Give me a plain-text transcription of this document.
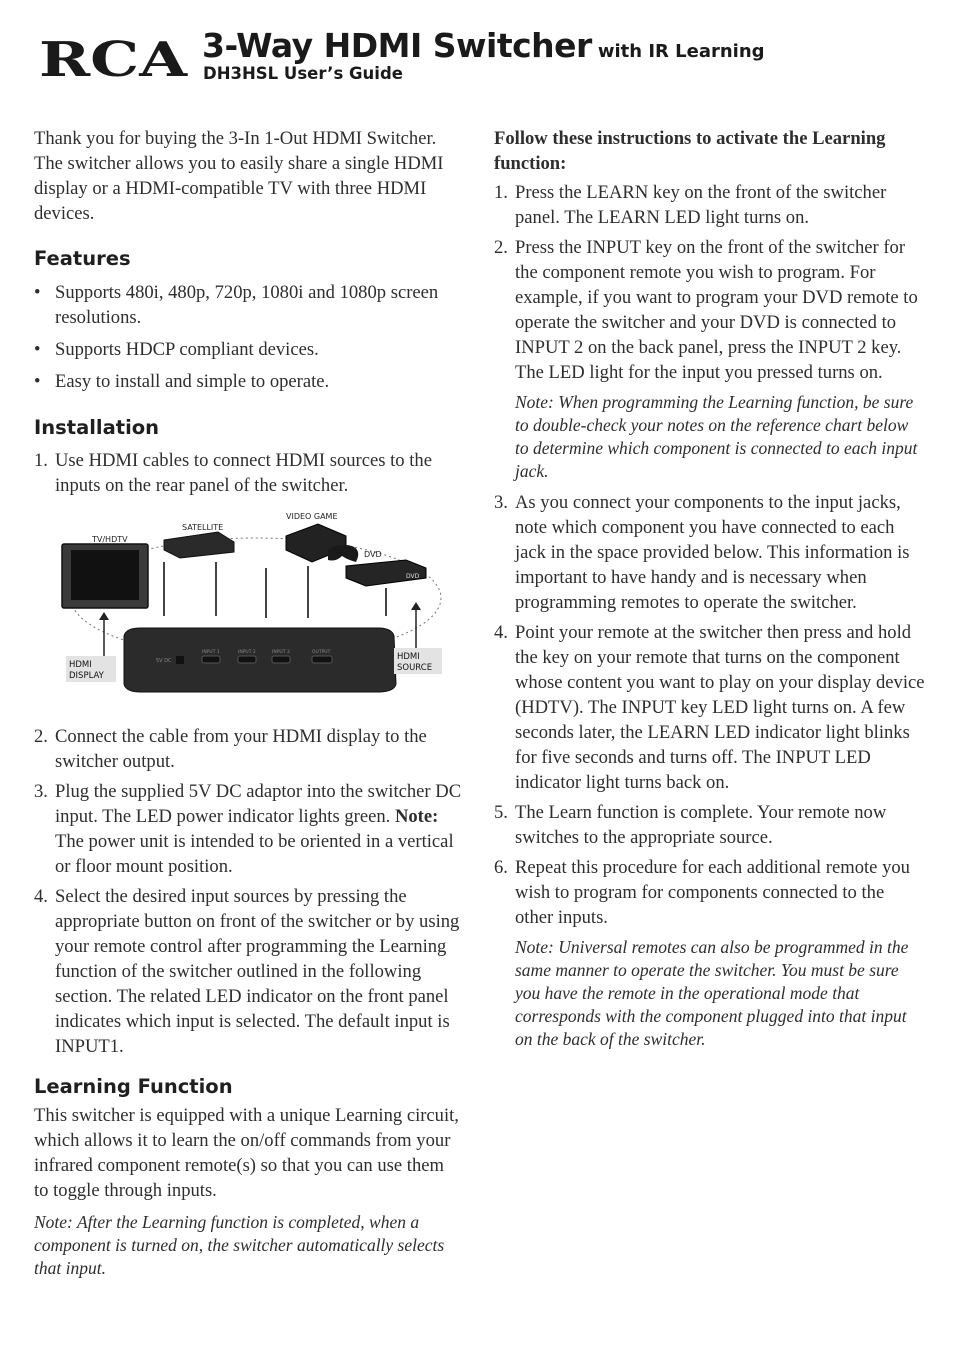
RCA 3-Way HDMI Switcher with IR Learning
DH3HSL User’s Guide

Thank you for buying the 3-In 1-Out HDMI Switcher. The switcher allows you to easily share a single HDMI display or a HDMI-compatible TV with three HDMI devices.

Features
• Supports 480i, 480p, 720p, 1080i and 1080p screen resolutions.
• Supports HDCP compliant devices.
• Easy to install and simple to operate.
Installation
1. Use HDMI cables to connect HDMI sources to the inputs on the rear panel of the switcher.
TV/HDTV
SATELLITE
VIDEO GAME
DVD
DVD
5V DC
INPUT 1	INPUT 2	INPUT 3	OUTPUT
HDMI
DISPLAY
HDMI
SOURCE
2. Connect the cable from your HDMI display to the switcher output.
3. Plug the supplied 5V DC adaptor into the switcher DC input. The LED power indicator lights green. Note: The power unit is intended to be oriented in a vertical or floor mount position.
4. Select the desired input sources by pressing the appropriate button on front of the switcher or by using your remote control after programming the Learning function of the switcher outlined in the following section. The related LED indicator on the front panel indicates which input is selected. The default input is INPUT1.
Learning Function

This switcher is equipped with a unique Learning circuit, which allows it to learn the on/off commands from your infrared component remote(s) so that you can use them to toggle through inputs.

Note: After the Learning function is completed, when a component is turned on, the switcher automatically selects that input.

Follow these instructions to activate the Learning function:

1. Press the LEARN key on the front of the switcher panel. The LEARN LED light turns on.
2. Press the INPUT key on the front of the switcher for the component remote you wish to program. For example, if you want to program your DVD remote to operate the switcher and your DVD is connected to INPUT 2 on the back panel, press the INPUT 2 key. The LED light for the input you pressed turns on.

Note: When programming the Learning function, be sure to double-check your notes on the reference chart below to determine which component is connected to each input jack.

3. As you connect your components to the input jacks, note which component you have connected to each jack in the space provided below. This information is important to have handy and is necessary when programming remotes to operate the switcher.
4. Point your remote at the switcher then press and hold the key on your remote that turns on the component whose content you want to play on your display device (HDTV). The INPUT key LED light turns on. A few seconds later, the LEARN LED indicator light blinks for five seconds and turns off. The INPUT LED indicator light turns back on.
5. The Learn function is complete. Your remote now switches to the appropriate source.
6. Repeat this procedure for each additional remote you wish to program for components connected to the other inputs.

Note: Universal remotes can also be programmed in the same manner to operate the switcher. You must be sure you have the remote in the operational mode that corresponds with the component plugged into that input on the back of the switcher.
